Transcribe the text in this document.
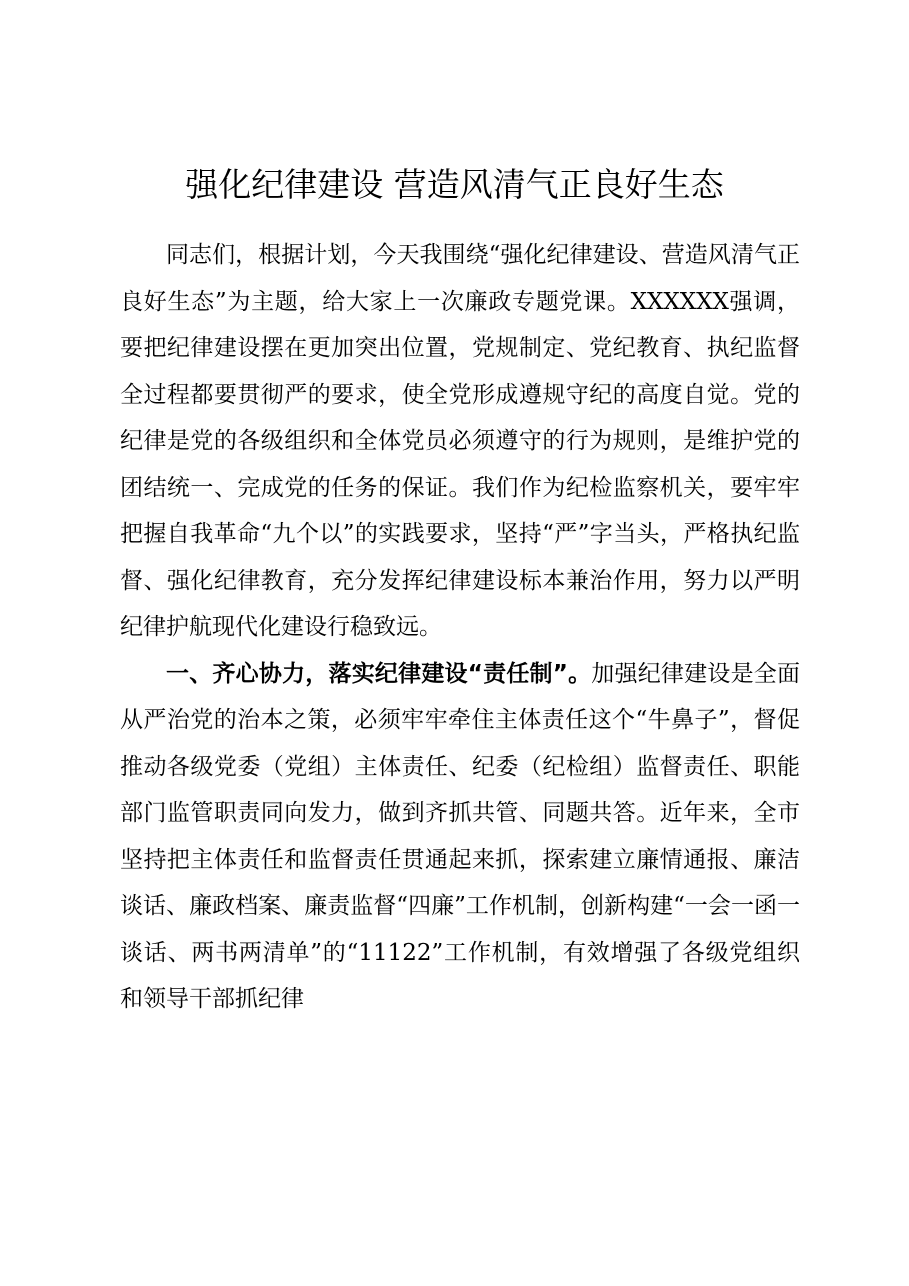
强化纪律建设 营造风清气正良好生态

同志们，根据计划，今天我围绕“强化纪律建设、营造风清气正良好生态”为主题，给大家上一次廉政专题党课。XXXXXX强调，要把纪律建设摆在更加突出位置，党规制定、党纪教育、执纪监督全过程都要贯彻严的要求，使全党形成遵规守纪的高度自觉。党的纪律是党的各级组织和全体党员必须遵守的行为规则，是维护党的团结统一、完成党的任务的保证。我们作为纪检监察机关，要牢牢把握自我革命“九个以”的实践要求，坚持“严”字当头，严格执纪监督、强化纪律教育，充分发挥纪律建设标本兼治作用，努力以严明纪律护航现代化建设行稳致远。

一、齐心协力，落实纪律建设“责任制”。加强纪律建设是全面从严治党的治本之策，必须牢牢牵住主体责任这个“牛鼻子”，督促推动各级党委（党组）主体责任、纪委（纪检组）监督责任、职能部门监管职责同向发力，做到齐抓共管、同题共答。近年来，全市坚持把主体责任和监督责任贯通起来抓，探索建立廉情通报、廉洁谈话、廉政档案、廉责监督“四廉”工作机制，创新构建“一会一函一谈话、两书两清单”的“11122”工作机制，有效增强了各级党组织和领导干部抓纪律
